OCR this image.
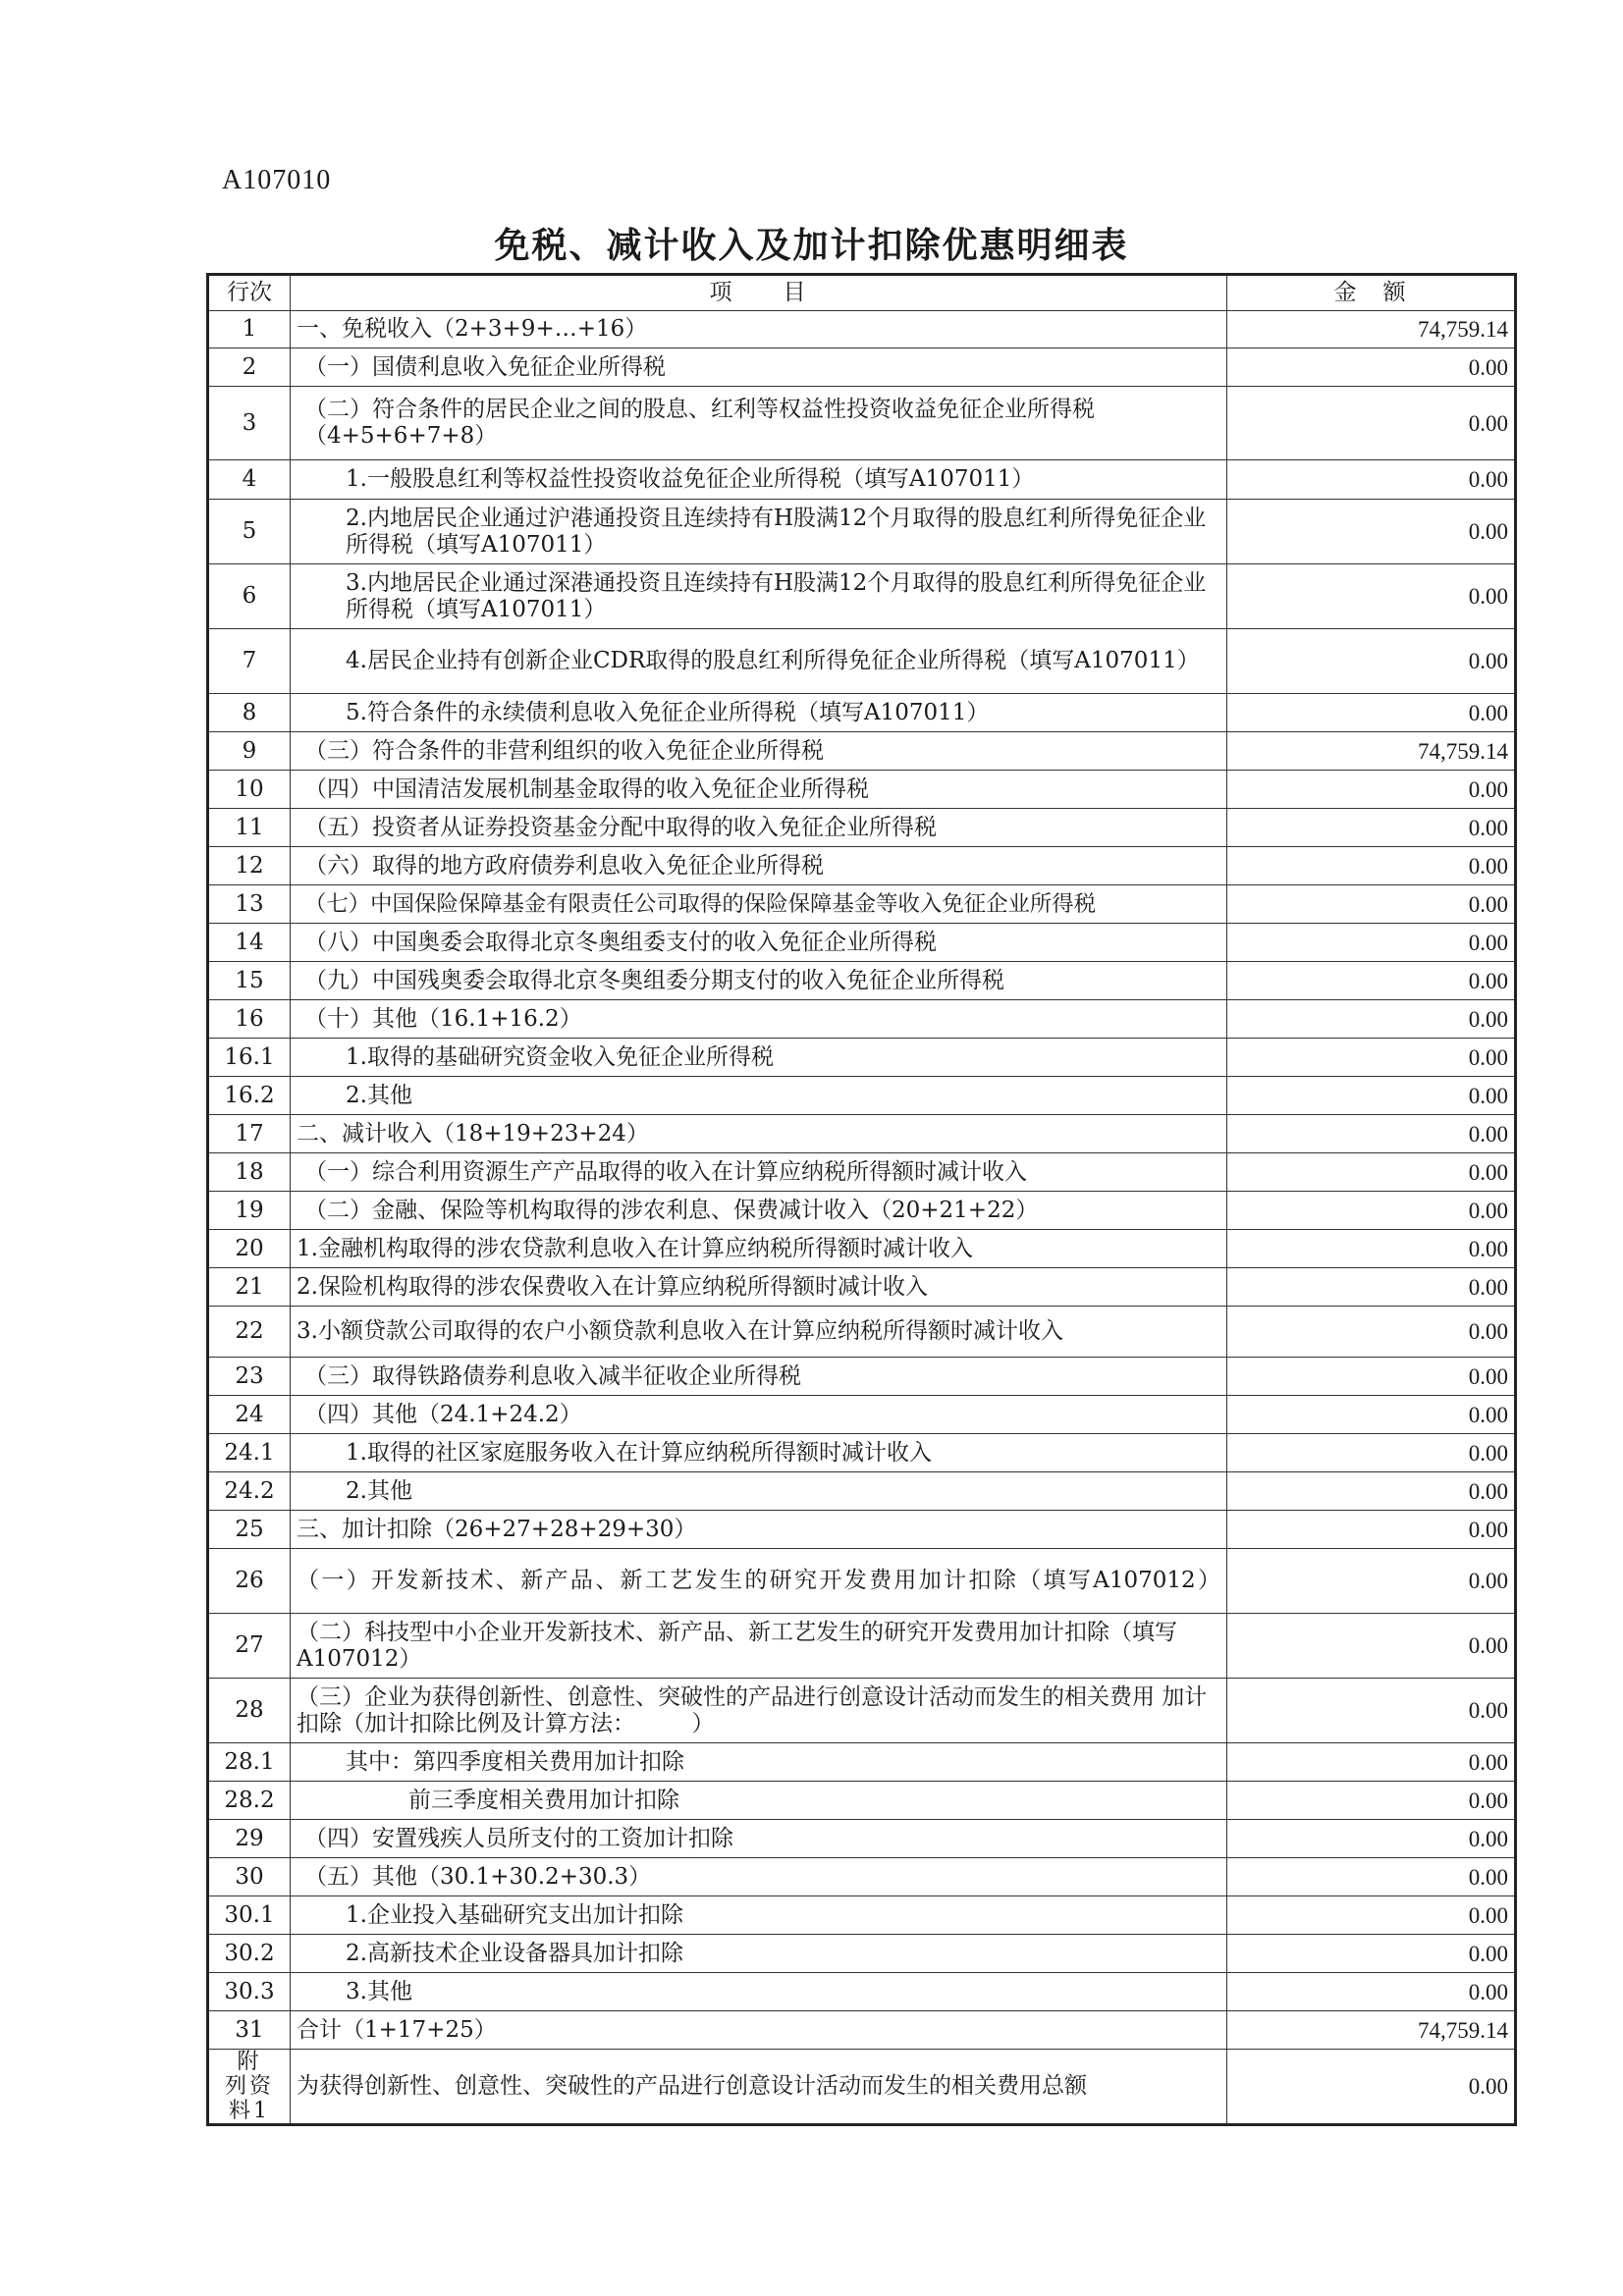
A107010
免税、减计收入及加计扣除优惠明细表
行次	项　　目	金　额
1	一、免税收入（2+3+9+…+16）	74,759.14
2	（一）国债利息收入免征企业所得税	0.00
3	（二）符合条件的居民企业之间的股息、红利等权益性投资收益免征企业所得税（4+5+6+7+8）	0.00
4	1.一般股息红利等权益性投资收益免征企业所得税（填写A107011）	0.00
5	2.内地居民企业通过沪港通投资且连续持有H股满12个月取得的股息红利所得免征企业所得税（填写A107011）	0.00
6	3.内地居民企业通过深港通投资且连续持有H股满12个月取得的股息红利所得免征企业所得税（填写A107011）	0.00
7	4.居民企业持有创新企业CDR取得的股息红利所得免征企业所得税（填写A107011）	0.00
8	5.符合条件的永续债利息收入免征企业所得税（填写A107011）	0.00
9	（三）符合条件的非营利组织的收入免征企业所得税	74,759.14
10	（四）中国清洁发展机制基金取得的收入免征企业所得税	0.00
11	（五）投资者从证券投资基金分配中取得的收入免征企业所得税	0.00
12	（六）取得的地方政府债券利息收入免征企业所得税	0.00
13	（七）中国保险保障基金有限责任公司取得的保险保障基金等收入免征企业所得税	0.00
14	（八）中国奥委会取得北京冬奥组委支付的收入免征企业所得税	0.00
15	（九）中国残奥委会取得北京冬奥组委分期支付的收入免征企业所得税	0.00
16	（十）其他（16.1+16.2）	0.00
16.1	1.取得的基础研究资金收入免征企业所得税	0.00
16.2	2.其他	0.00
17	二、减计收入（18+19+23+24）	0.00
18	（一）综合利用资源生产产品取得的收入在计算应纳税所得额时减计收入	0.00
19	（二）金融、保险等机构取得的涉农利息、保费减计收入（20+21+22）	0.00
20	1.金融机构取得的涉农贷款利息收入在计算应纳税所得额时减计收入	0.00
21	2.保险机构取得的涉农保费收入在计算应纳税所得额时减计收入	0.00
22	3.小额贷款公司取得的农户小额贷款利息收入在计算应纳税所得额时减计收入	0.00
23	（三）取得铁路债券利息收入减半征收企业所得税	0.00
24	（四）其他（24.1+24.2）	0.00
24.1	1.取得的社区家庭服务收入在计算应纳税所得额时减计收入	0.00
24.2	2.其他	0.00
25	三、加计扣除（26+27+28+29+30）	0.00
26	（一）开发新技术、新产品、新工艺发生的研究开发费用加计扣除（填写A107012）	0.00
27	（二）科技型中小企业开发新技术、新产品、新工艺发生的研究开发费用加计扣除（填写A107012）	0.00
28	（三）企业为获得创新性、创意性、突破性的产品进行创意设计活动而发生的相关费用 加计扣除（加计扣除比例及计算方法：　　　）	0.00
28.1	其中：第四季度相关费用加计扣除	0.00
28.2	前三季度相关费用加计扣除	0.00
29	（四）安置残疾人员所支付的工资加计扣除	0.00
30	（五）其他（30.1+30.2+30.3）	0.00
30.1	1.企业投入基础研究支出加计扣除	0.00
30.2	2.高新技术企业设备器具加计扣除	0.00
30.3	3.其他	0.00
31	合计（1+17+25）	74,759.14
附　列资料1	为获得创新性、创意性、突破性的产品进行创意设计活动而发生的相关费用总额	0.00
